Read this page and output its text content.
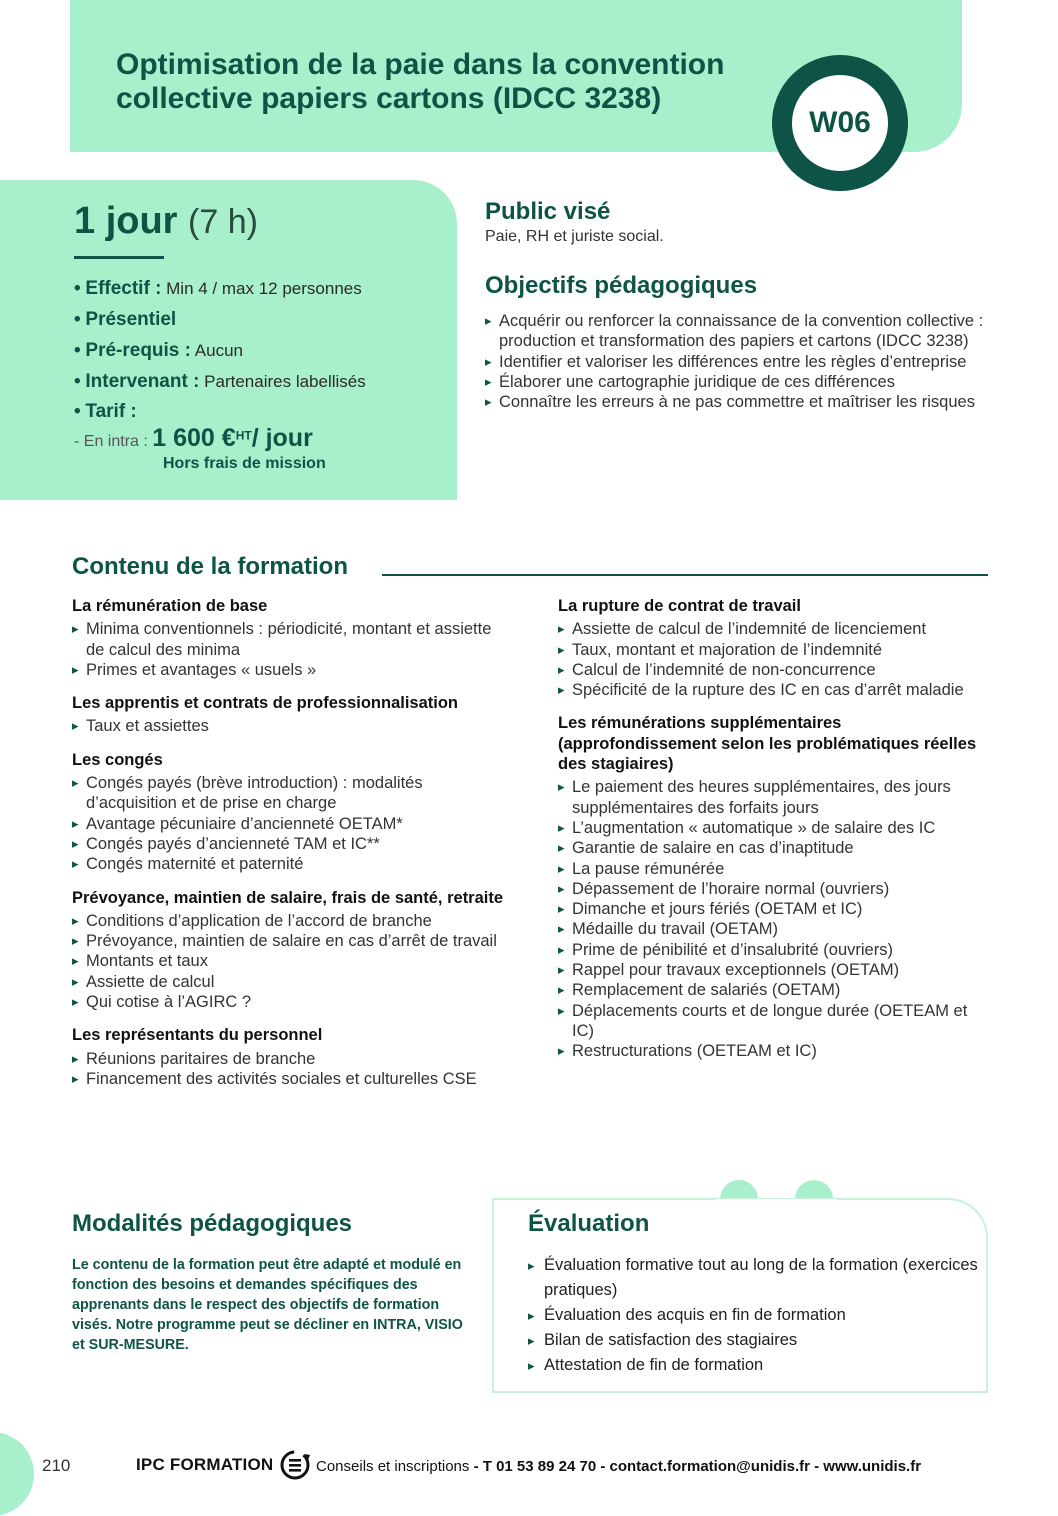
Optimisation de la paie dans la convention
collective papiers cartons (IDCC 3238)
W06
1 jour (7 h)
• Effectif : Min 4 / max 12 personnes
• Présentiel
• Pré-requis : Aucun
• Intervenant : Partenaires labellisés
• Tarif :
- En intra : 1 600 €$^{HT}$/ jour
Hors frais de mission
Public visé
Paie, RH et juriste social.
Objectifs pédagogiques
▸ Acquérir ou renforcer la connaissance de la convention collective : production et transformation des papiers et cartons (IDCC 3238)
▸ Identifier et valoriser les différences entre les règles d’entreprise
▸ Élaborer une cartographie juridique de ces différences
▸ Connaître les erreurs à ne pas commettre et maîtriser les risques
Contenu de la formation
La rémunération de base
▸ Minima conventionnels : périodicité, montant et assiette de calcul des minima
▸ Primes et avantages « usuels »
Les apprentis et contrats de professionnalisation
▸ Taux et assiettes
Les congés
▸ Congés payés (brève introduction) : modalités d’acquisition et de prise en charge
▸ Avantage pécuniaire d’ancienneté OETAM*
▸ Congés payés d’ancienneté TAM et IC**
▸ Congés maternité et paternité
Prévoyance, maintien de salaire, frais de santé, retraite
▸ Conditions d’application de l’accord de branche
▸ Prévoyance, maintien de salaire en cas d’arrêt de travail
▸ Montants et taux
▸ Assiette de calcul
▸ Qui cotise à l’AGIRC ?
Les représentants du personnel
▸ Réunions paritaires de branche
▸ Financement des activités sociales et culturelles CSE
La rupture de contrat de travail
▸ Assiette de calcul de l’indemnité de licenciement
▸ Taux, montant et majoration de l’indemnité
▸ Calcul de l’indemnité de non-concurrence
▸ Spécificité de la rupture des IC en cas d’arrêt maladie
Les rémunérations supplémentaires (approfondissement selon les problématiques réelles des stagiaires)
▸ Le paiement des heures supplémentaires, des jours supplémentaires des forfaits jours
▸ L’augmentation « automatique » de salaire des IC
▸ Garantie de salaire en cas d’inaptitude
▸ La pause rémunérée
▸ Dépassement de l’horaire normal (ouvriers)
▸ Dimanche et jours fériés (OETAM et IC)
▸ Médaille du travail (OETAM)
▸ Prime de pénibilité et d’insalubrité (ouvriers)
▸ Rappel pour travaux exceptionnels (OETAM)
▸ Remplacement de salariés (OETAM)
▸ Déplacements courts et de longue durée (OETEAM et IC)
▸ Restructurations (OETEAM et IC)
Modalités pédagogiques

Le contenu de la formation peut être adapté et modulé en fonction des besoins et demandes spécifiques des apprenants dans le respect des objectifs de formation visés. Notre programme peut se décliner en INTRA, VISIO et SUR-MESURE.

Évaluation
▸ Évaluation formative tout au long de la formation (exercices pratiques)
▸ Évaluation des acquis en fin de formation
▸ Bilan de satisfaction des stagiaires
▸ Attestation de fin de formation
210	IPC FORMATION	Conseils et inscriptions - T 01 53 89 24 70 - contact.formation@unidis.fr - www.unidis.fr
